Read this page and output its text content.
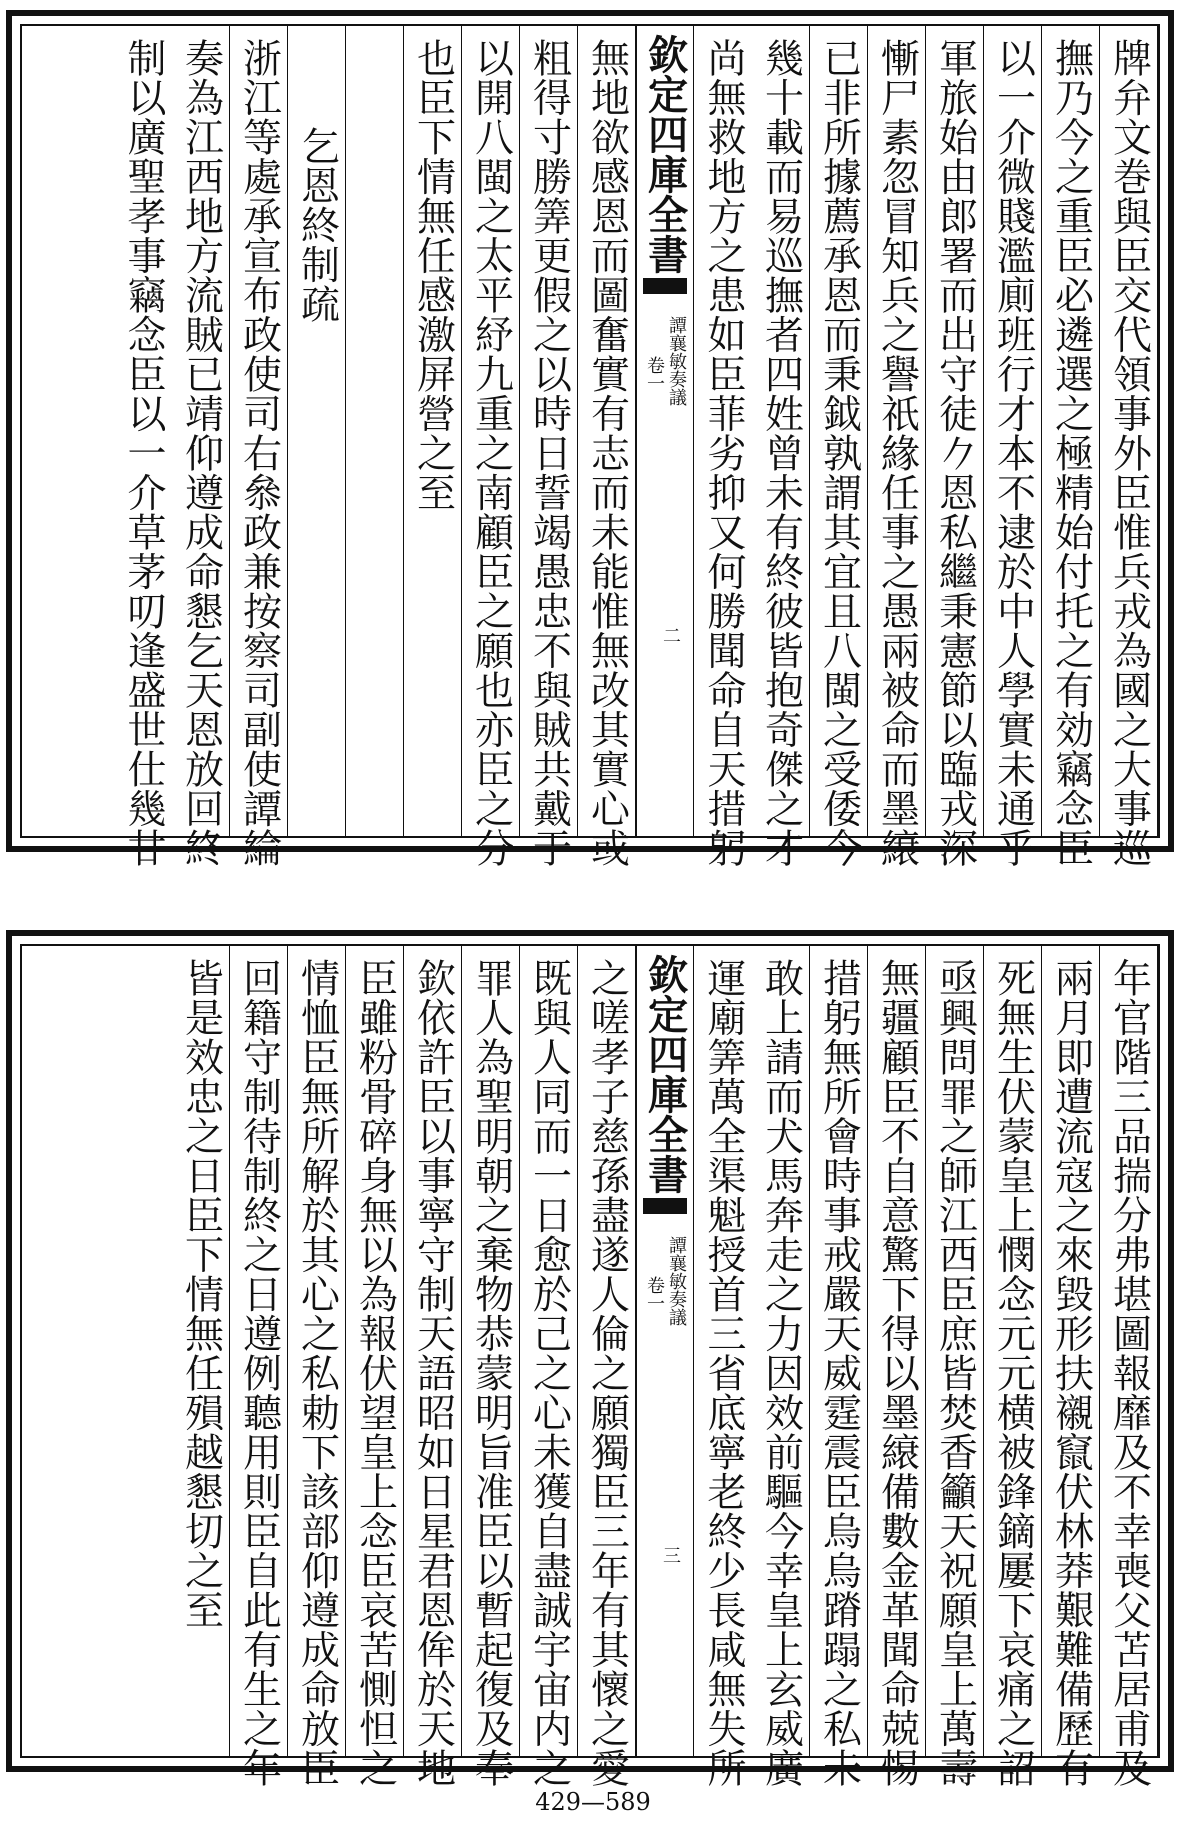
牌弁文巻與臣交代領事外臣惟兵戎為國之大事巡
撫乃今之重臣必遴選之極精始付托之有効竊念臣
以一介微賤濫廁班行才本不逮於中人學實未通乎
軍旅始由郎署而出守徒𠂊恩私繼秉憲節以臨戎深
慚尸素忽冒知兵之譽祇緣任事之愚兩被命而墨縗
已非所據薦承恩而秉鉞孰謂其宜且八閩之受倭今
幾十載而易巡撫者四姓曾未有終彼皆抱奇傑之才
尚無救地方之患如臣菲劣抑又何勝聞命自天措躬
欽定四庫全書
譚襄敏奏議
卷一
二
無地欲感恩而圖奮實有志而未能惟無改其實心或
粗得寸勝筭更假之以時日誓竭愚忠不與賊共戴于
以開八閩之太平紓九重之南顧臣之願也亦臣之分
也臣下情無任感激屏營之至
乞恩終制疏
浙江等處承宣布政使司右叅政兼按察司副使譚綸
奏為江西地方流賊已靖仰遵成命懇乞天恩放回終
制以廣聖孝事竊念臣以一介草茅叨逢盛世仕幾廿
年官階三品揣分弗堪圖報靡及不幸喪父苫居甫及
兩月即遭流寇之來毀形扶襯竄伏林莽艱難備歷有
死無生伏蒙皇上憫念元元横被鋒鏑屢下哀痛之詔
亟興問罪之師江西臣庶皆焚香籲天祝願皇上萬壽
無疆顧臣不自意驚下得以墨縗備數金革聞命兢惕
措躬無所會時事戒嚴天威霆震臣烏烏蹐蹋之私未
敢上請而犬馬奔走之力因效前驅今幸皇上玄威廣
運廟筭萬全渠魁授首三省底寧老終少長咸無失所
欽定四庫全書
譚襄敏奏議
卷一
三
之嗟孝子慈孫盡遂人倫之願獨臣三年有其懷之愛
既與人同而一日愈於己之心未獲自盡誠宇宙内之
罪人為聖明朝之棄物恭蒙明旨准臣以暫起復及奉
欽依許臣以事寧守制天語昭如日星君恩侔於天地
臣雖粉骨碎身無以為報伏望皇上念臣哀苦惻怛之
情恤臣無所解於其心之私勅下該部仰遵成命放臣
回籍守制待制終之日遵例聽用則臣自此有生之年
皆是效忠之日臣下情無任殞越懇切之至
429—589
